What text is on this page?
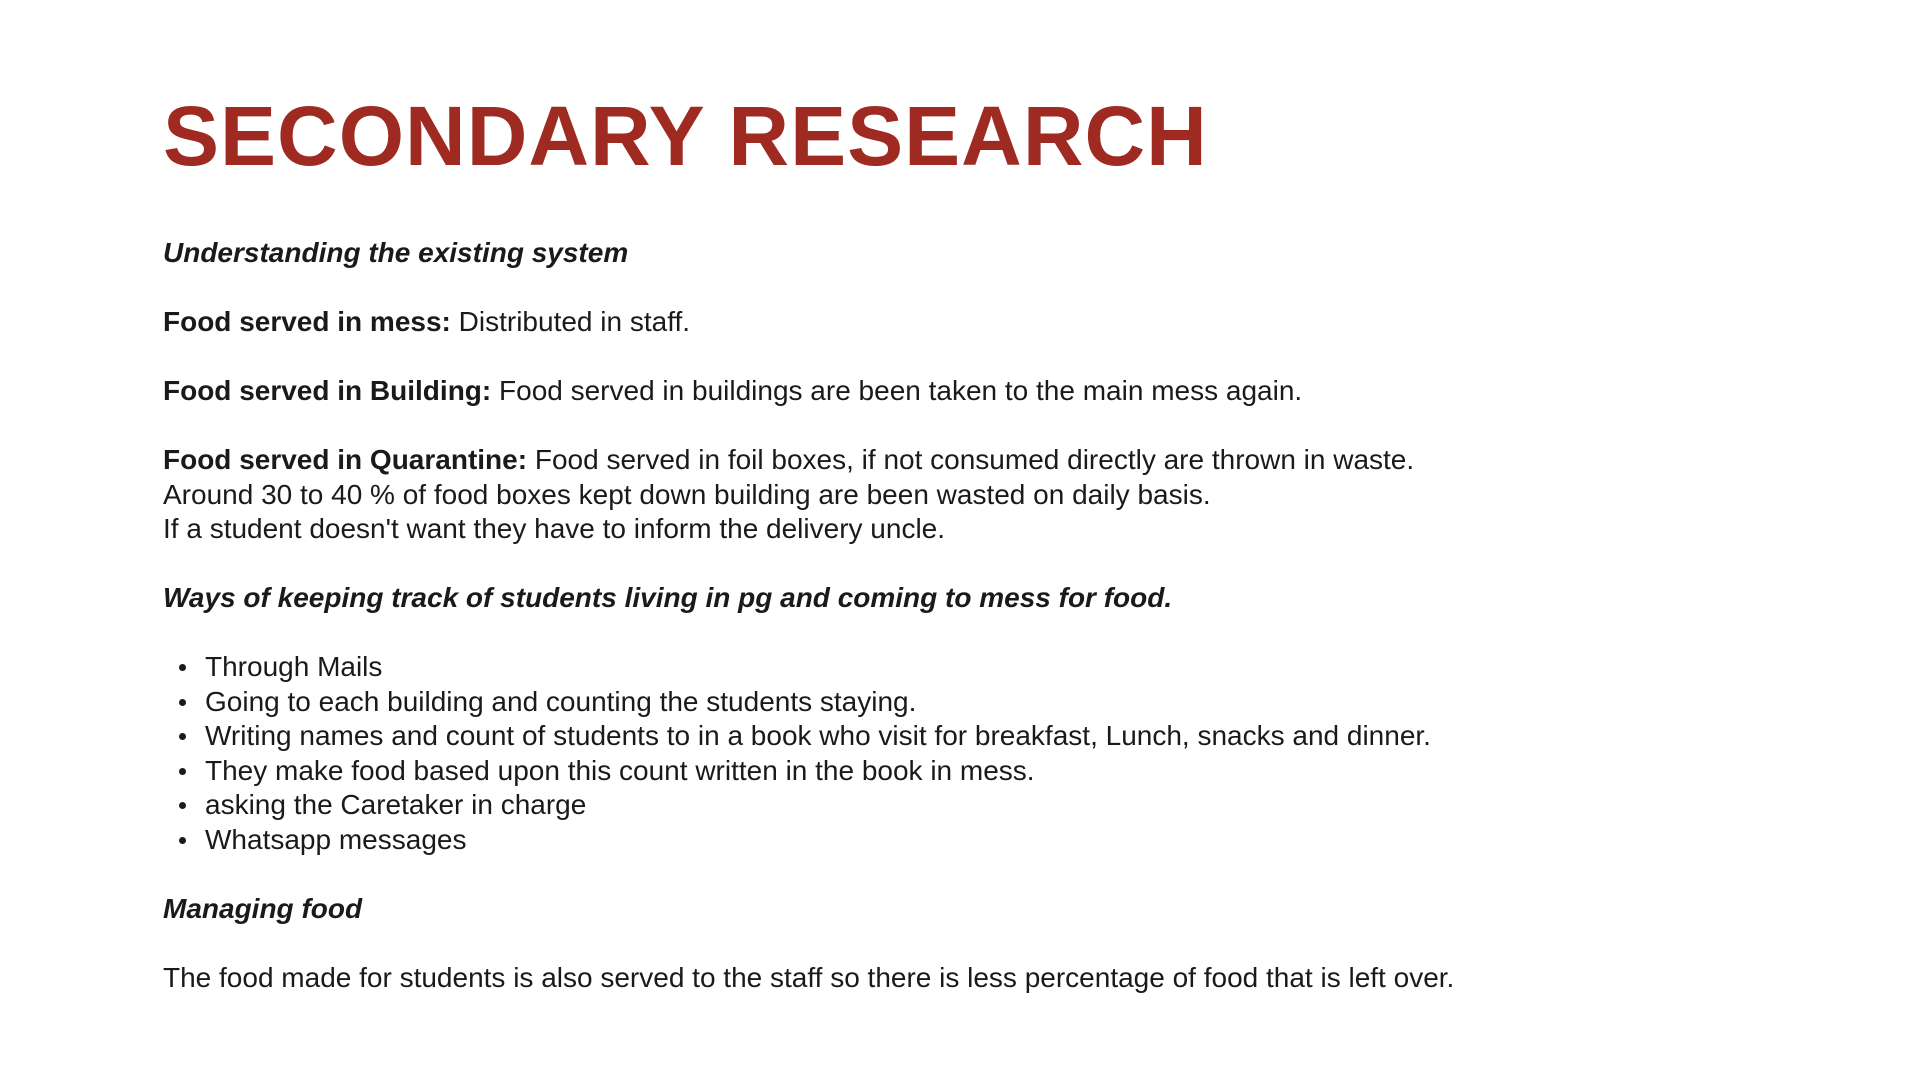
SECONDARY RESEARCH

Understanding the existing system

Food served in mess: Distributed in staff.

Food served in Building: Food served in buildings are been taken to the main mess again.

Food served in Quarantine: Food served in foil boxes, if not consumed directly are thrown in waste.

Around 30 to 40 % of food boxes kept down building are been wasted on daily basis.

If a student doesn't want they have to inform the delivery uncle.

Ways of keeping track of students living in pg and coming to mess for food.

Through Mails
Going to each building and counting the students staying.
Writing names and count of students to in a book who visit for breakfast, Lunch, snacks and dinner.
They make food based upon this count written in the book in mess.
asking the Caretaker in charge
Whatsapp messages

Managing food

The food made for students is also served to the staff so there is less percentage of food that is left over.
